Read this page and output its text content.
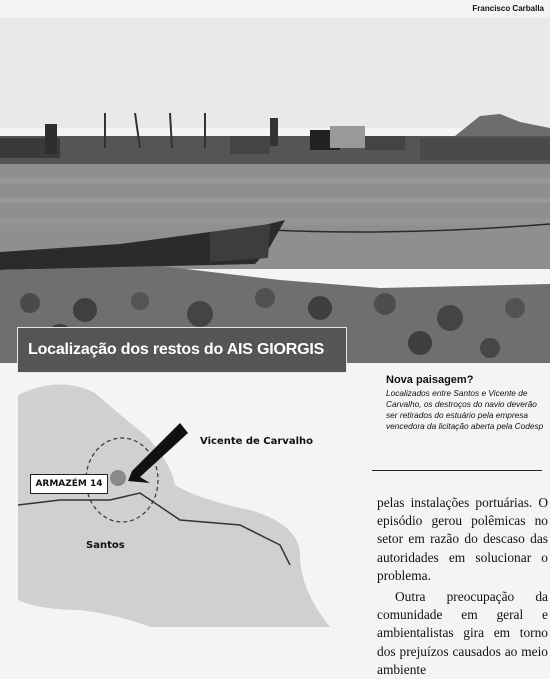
Francisco Carballa
Localização dos restos do AIS GIORGIS
Vicente de Carvalho
Santos
ARMAZÉM 14
Nova paisagem?

Localizados entre Santos e Vicente de Carvalho, os destroços do navio deverão ser retirados do estuário pela empresa vencedora da licitação aberta pela Codesp

pelas instalações portuárias. O episódio gerou polêmicas no setor em razão do descaso das autoridades em solucionar o problema.

Outra preocupação da comunidade em geral e ambientalistas gira em torno dos prejuízos causados ao meio ambiente
